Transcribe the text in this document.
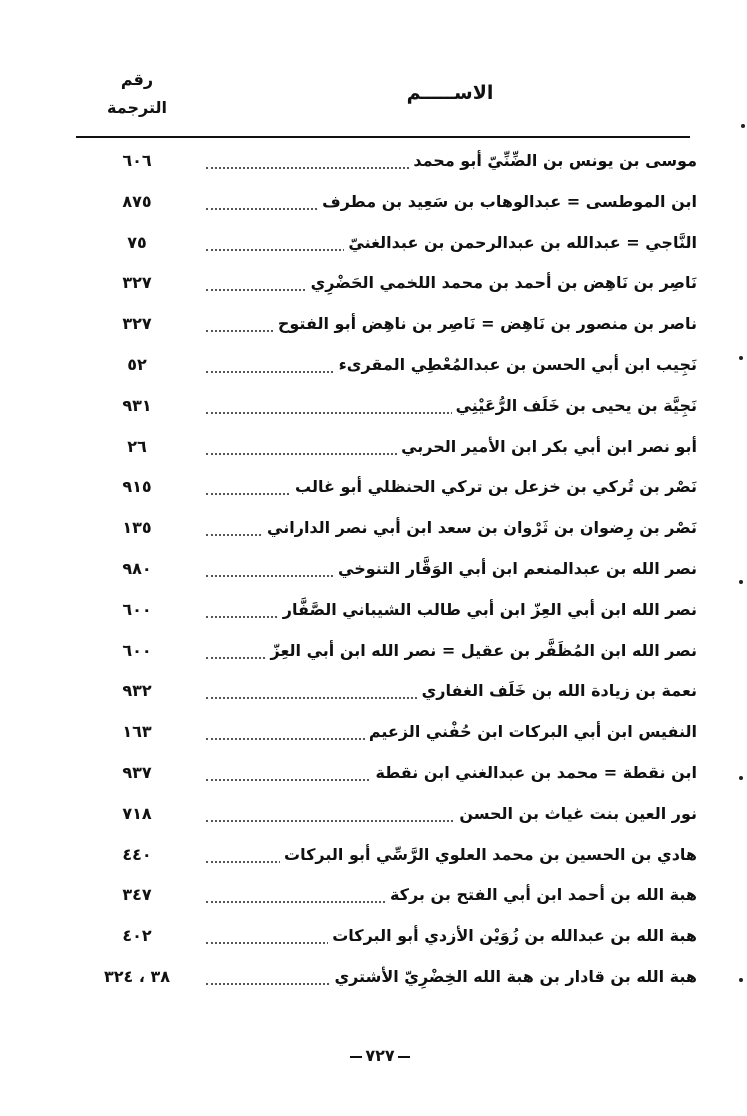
الاســـــم
رقم
الترجمة
موسى بن يونس بن الضِّنِّيّ أبو محمد
٦٠٦
ابن الموطسى = عبدالوهاب بن سَعِيد بن مطرف
٨٧٥
النَّاجي = عبدالله بن عبدالرحمن بن عبدالغنيّ
٧٥
نَاصِر بن نَاهِض بن أحمد بن محمد اللخمي الحَضْرِي
٣٢٧
ناصر بن منصور بن نَاهِض = نَاصِر بن ناهِض أبو الفتوح
٣٢٧
نَجِيب ابن أبي الحسن بن عبدالمُعْطِي المقرىء
٥٢
نَجِيَّة بن يحيى بن خَلَف الرُّعَيْنِي
٩٣١
أبو نصر ابن أبي بكر ابن الأمير الحربي
٢٦
نَصْر بن تُركي بن خزعل بن تركي الحنظلي أبو غالب
٩١٥
نَصْر بن رِضوان بن ثَرْوان بن سعد ابن أبي نصر الداراني
١٣٥
نصر الله بن عبدالمنعم ابن أبي الوَقَّار التنوخي
٩٨٠
نصر الله ابن أبي العِزّ ابن أبي طالب الشيباني الصَّفَّار
٦٠٠
نصر الله ابن المُظَفَّر بن عقيل = نصر الله ابن أبي العِزّ
٦٠٠
نعمة بن زيادة الله بن خَلَف الغفاري
٩٣٢
النفيس ابن أبي البركات ابن حُفْني الزعيم
١٦٣
ابن نقطة = محمد بن عبدالغني ابن نقطة
٩٣٧
نور العين بنت غياث بن الحسن
٧١٨
هادي بن الحسين بن محمد العلوي الرَّسِّي أبو البركات
٤٤٠
هبة الله بن أحمد ابن أبي الفتح بن بركة
٣٤٧
هبة الله بن عبدالله بن زُوَيْن الأزدي أبو البركات
٤٠٢
هبة الله بن قادار بن هبة الله الخِضْرِيّ الأشتري
٣٨ ، ٣٢٤
٧٢٧
